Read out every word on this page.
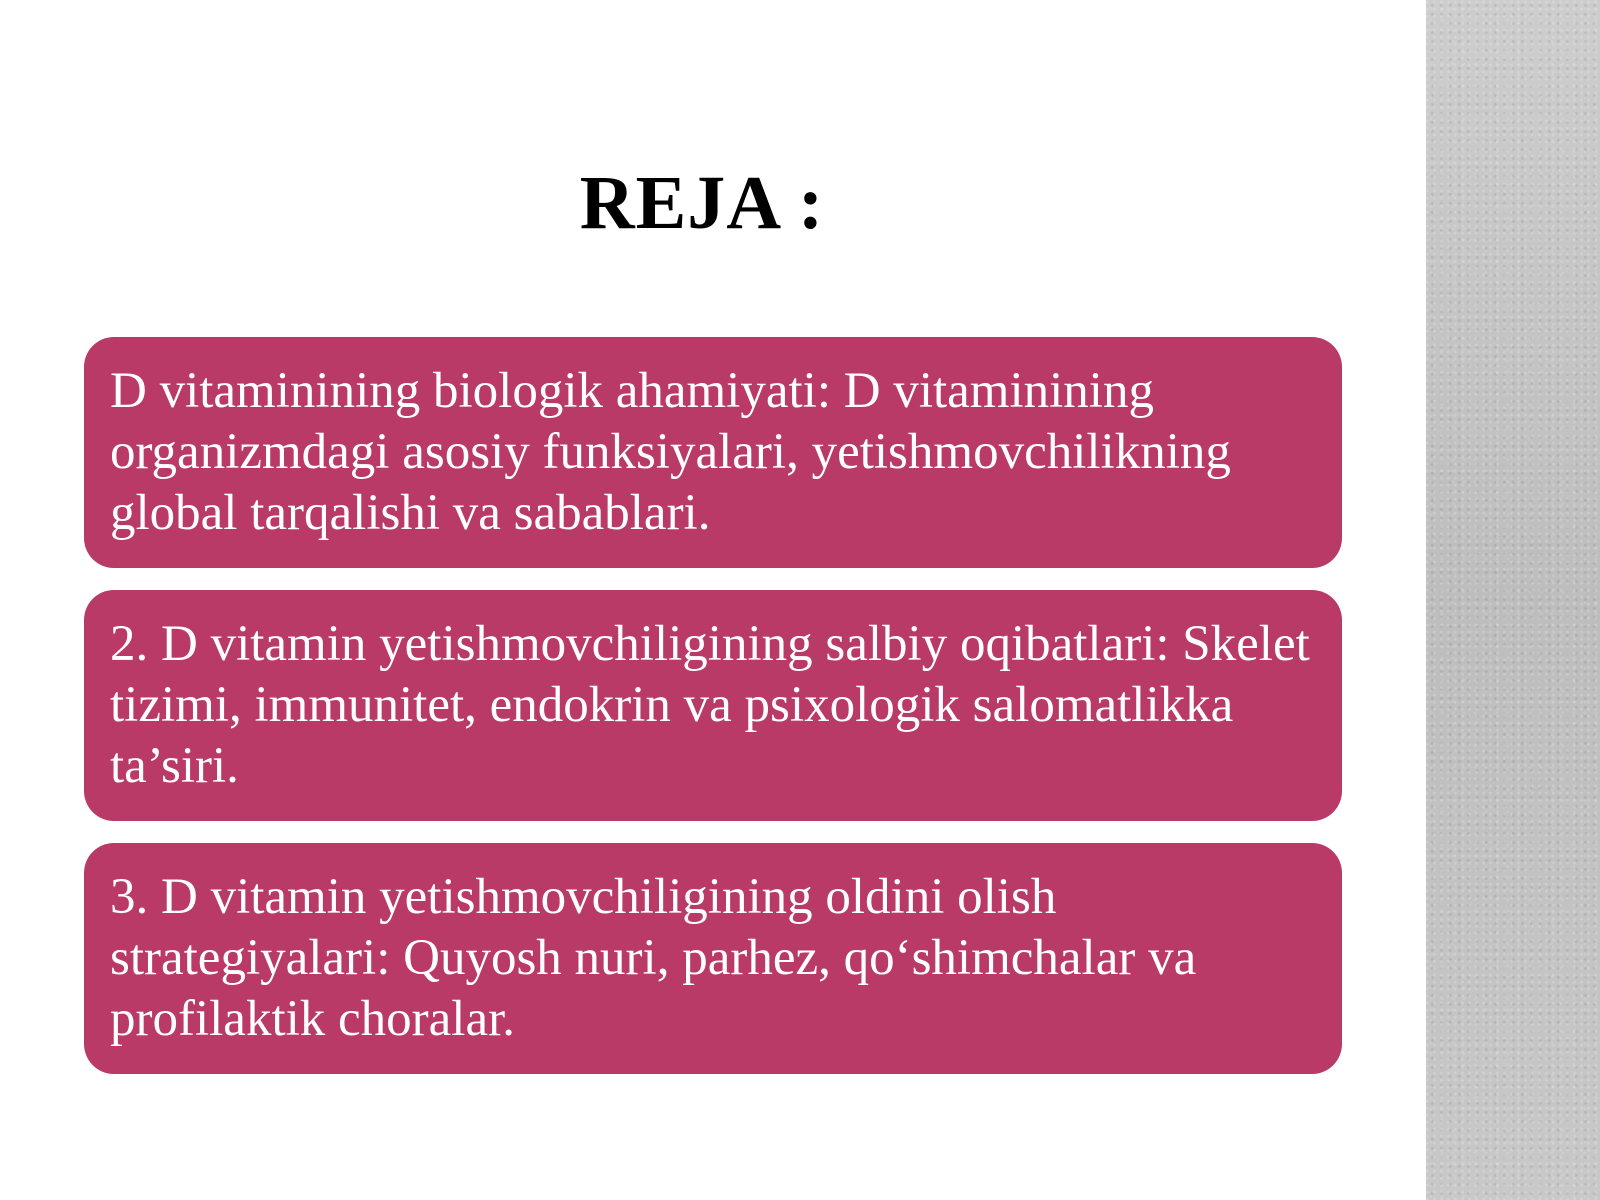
REJA :
D vitaminining biologik ahamiyati: D vitaminining organizmdagi asosiy funksiyalari, yetishmovchilikning global tarqalishi va sabablari.
2. D vitamin yetishmovchiligining salbiy oqibatlari: Skelet tizimi, immunitet, endokrin va psixologik salomatlikka ta’siri.
3. D vitamin yetishmovchiligining oldini olish strategiyalari: Quyosh nuri, parhez, qo‘shimchalar va profilaktik choralar.
